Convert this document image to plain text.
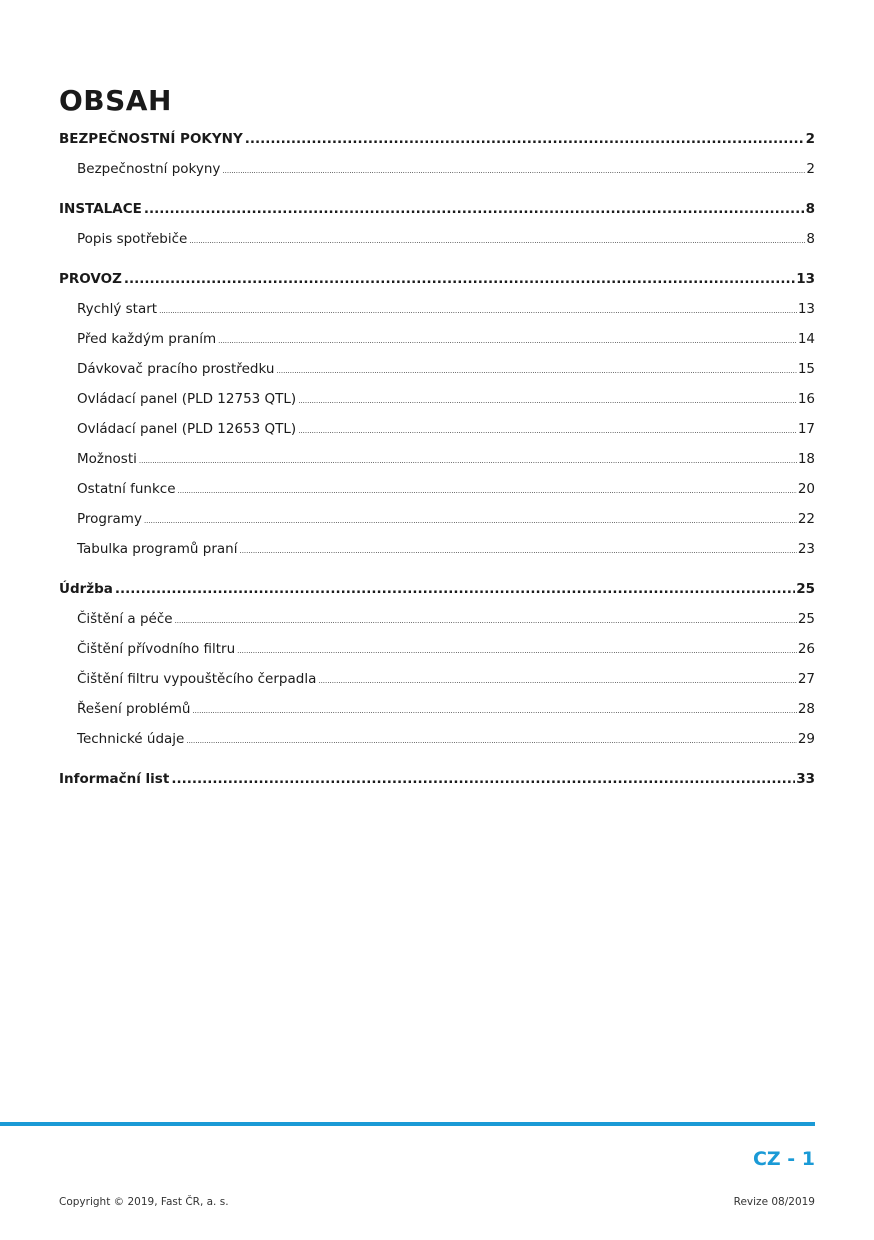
OBSAH
BEZPEČNOSTNÍ POKYNY .....	2
Bezpečnostní pokyny .....	2
INSTALACE .....	8
Popis spotřebiče .....	8
PROVOZ .....	13
Rychlý start .....	13
Před každým praním .....	14
Dávkovač pracího prostředku .....	15
Ovládací panel (PLD 12753 QTL) .....	16
Ovládací panel (PLD 12653 QTL) .....	17
Možnosti .....	18
Ostatní funkce .....	20
Programy .....	22
Tabulka programů praní .....	23
Údržba .....	25
Čištění a péče .....	25
Čištění přívodního filtru .....	26
Čištění filtru vypouštěcího čerpadla .....	27
Řešení problémů .....	28
Technické údaje .....	29
Informační list .....	33
CZ - 1
Copyright © 2019, Fast ČR, a. s.	Revize 08/2019
